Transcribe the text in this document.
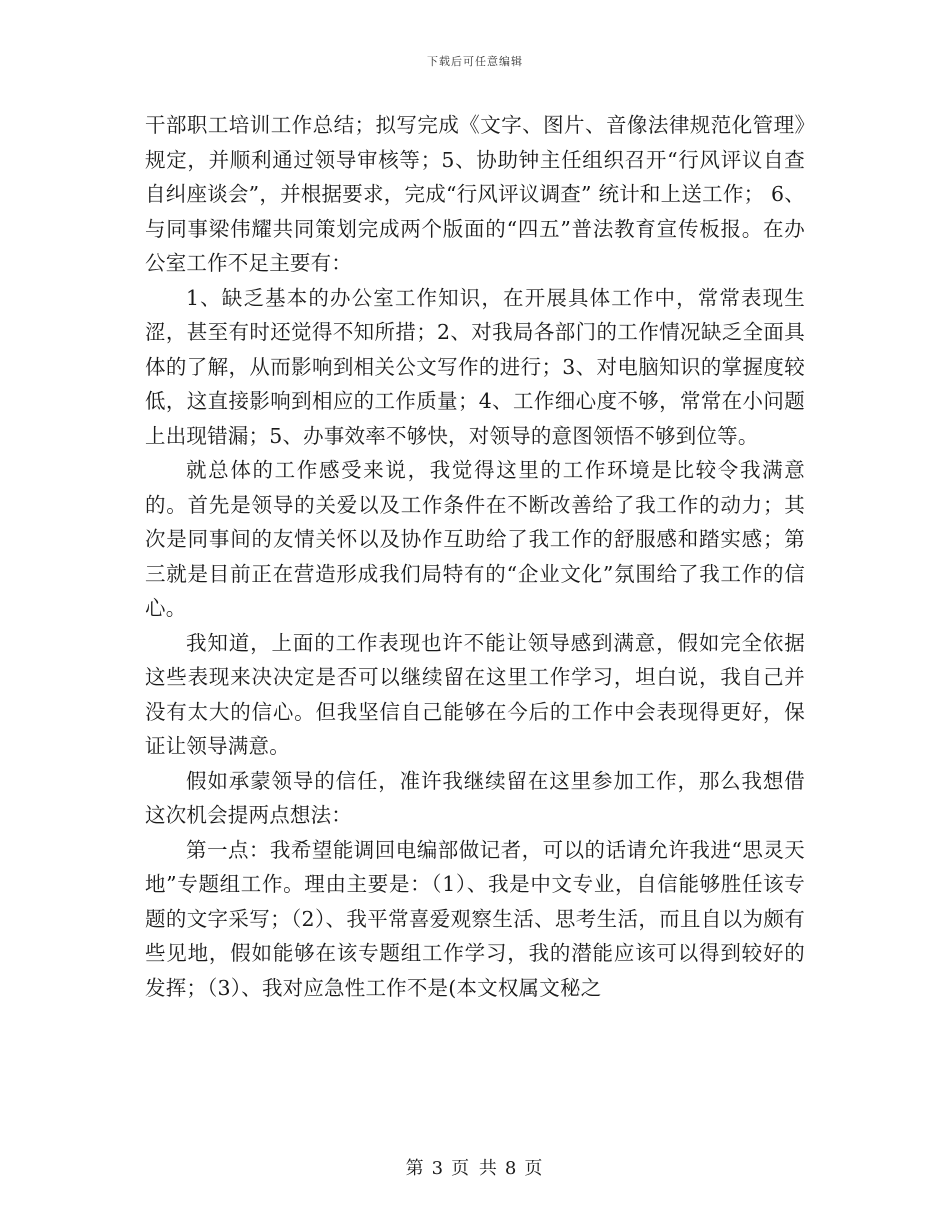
下载后可任意编辑

干部职工培训工作总结；拟写完成《文字、图片、音像法律规范化管理》规定，并顺利通过领导审核等；5、协助钟主任组织召开“行风评议自查自纠座谈会”，并根据要求，完成“行风评议调查” 统计和上送工作； 6、与同事梁伟耀共同策划完成两个版面的“四五”普法教育宣传板报。在办公室工作不足主要有：

1、缺乏基本的办公室工作知识，在开展具体工作中，常常表现生涩，甚至有时还觉得不知所措；2、对我局各部门的工作情况缺乏全面具体的了解，从而影响到相关公文写作的进行；3、对电脑知识的掌握度较低，这直接影响到相应的工作质量；4、工作细心度不够，常常在小问题上出现错漏；5、办事效率不够快，对领导的意图领悟不够到位等。

就总体的工作感受来说，我觉得这里的工作环境是比较令我满意的。首先是领导的关爱以及工作条件在不断改善给了我工作的动力；其次是同事间的友情关怀以及协作互助给了我工作的舒服感和踏实感；第三就是目前正在营造形成我们局特有的“企业文化”氛围给了我工作的信心。

我知道，上面的工作表现也许不能让领导感到满意，假如完全依据这些表现来决决定是否可以继续留在这里工作学习，坦白说，我自己并没有太大的信心。但我坚信自己能够在今后的工作中会表现得更好，保证让领导满意。

假如承蒙领导的信任，准许我继续留在这里参加工作，那么我想借这次机会提两点想法：

第一点：我希望能调回电编部做记者，可以的话请允许我进“思灵天地”专题组工作。理由主要是：（1）、我是中文专业，自信能够胜任该专题的文字采写；（2）、我平常喜爱观察生活、思考生活，而且自以为颇有些见地，假如能够在该专题组工作学习，我的潜能应该可以得到较好的发挥；（3）、我对应急性工作不是(本文权属文秘之

第 3 页 共 8 页
